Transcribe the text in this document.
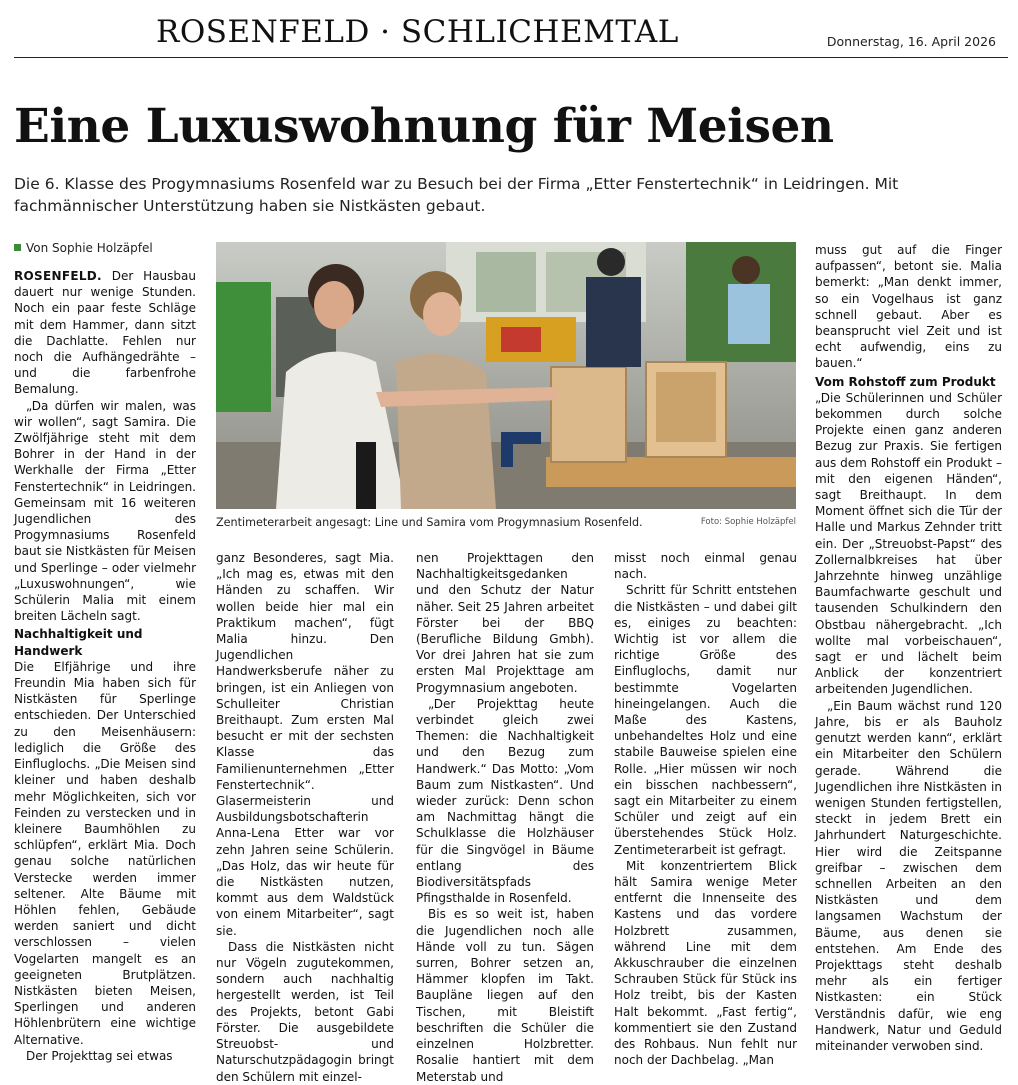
ROSENFELD · SCHLICHEMTAL	Donnerstag, 16. April 2026
Eine Luxuswohnung für Meisen

Die 6. Klasse des Progymnasiums Rosenfeld war zu Besuch bei der Firma „Etter Fenstertechnik“ in Leidringen. Mit fachmännischer Unterstützung haben sie Nistkästen gebaut.

Von Sophie Holzäpfel
Zentimeterarbeit angesagt: Line und Samira vom Progymnasium Rosenfeld.	Foto: Sophie Holzäpfel

ROSENFELD. Der Hausbau dauert nur wenige Stunden. Noch ein paar feste Schläge mit dem Hammer, dann sitzt die Dachlatte. Fehlen nur noch die Aufhängedrähte – und die farbenfrohe Bemalung.

„Da dürfen wir malen, was wir wollen“, sagt Samira. Die Zwölfjährige steht mit dem Bohrer in der Hand in der Werkhalle der Firma „Etter Fenstertechnik“ in Leidringen. Gemeinsam mit 16 weiteren Jugendlichen des Progymnasiums Rosenfeld baut sie Nistkästen für Meisen und Sperlinge – oder vielmehr „Luxuswohnungen“, wie Schülerin Malia mit einem breiten Lächeln sagt.

Nachhaltigkeit und Handwerk

Die Elfjährige und ihre Freundin Mia haben sich für Nistkästen für Sperlinge entschieden. Der Unterschied zu den Meisenhäusern: lediglich die Größe des Einfluglochs. „Die Meisen sind kleiner und haben deshalb mehr Möglichkeiten, sich vor Feinden zu verstecken und in kleinere Baumhöhlen zu schlüpfen“, erklärt Mia. Doch genau solche natürlichen Verstecke werden immer seltener. Alte Bäume mit Höhlen fehlen, Gebäude werden saniert und dicht verschlossen – vielen Vogelarten mangelt es an geeigneten Brutplätzen. Nistkästen bieten Meisen, Sperlingen und anderen Höhlenbrütern eine wichtige Alternative.

Der Projekttag sei etwas

ganz Besonderes, sagt Mia. „Ich mag es, etwas mit den Händen zu schaffen. Wir wollen beide hier mal ein Praktikum machen“, fügt Malia hinzu. Den Jugendlichen Handwerksberufe näher zu bringen, ist ein Anliegen von Schulleiter Christian Breithaupt. Zum ersten Mal besucht er mit der sechsten Klasse das Familienunternehmen „Etter Fenstertechnik“. Glasermeisterin und Ausbildungsbotschafterin Anna-Lena Etter war vor zehn Jahren seine Schülerin. „Das Holz, das wir heute für die Nistkästen nutzen, kommt aus dem Waldstück von einem Mitarbeiter“, sagt sie.

Dass die Nistkästen nicht nur Vögeln zugutekommen, sondern auch nachhaltig hergestellt werden, ist Teil des Projekts, betont Gabi Förster. Die ausgebildete Streuobst- und Naturschutzpädagogin bringt den Schülern mit einzel-

nen Projekttagen den Nachhaltigkeitsgedanken und den Schutz der Natur näher. Seit 25 Jahren arbeitet Förster bei der BBQ (Berufliche Bildung Gmbh). Vor drei Jahren hat sie zum ersten Mal Projekttage am Progymnasium angeboten.

„Der Projekttag heute verbindet gleich zwei Themen: die Nachhaltigkeit und den Bezug zum Handwerk.“ Das Motto: „Vom Baum zum Nistkasten“. Und wieder zurück: Denn schon am Nachmittag hängt die Schulklasse die Holzhäuser für die Singvögel in Bäume entlang des Biodiversitätspfads Pfingsthalde in Rosenfeld.

Bis es so weit ist, haben die Jugendlichen noch alle Hände voll zu tun. Sägen surren, Bohrer setzen an, Hämmer klopfen im Takt. Baupläne liegen auf den Tischen, mit Bleistift beschriften die Schüler die einzelnen Holzbretter. Rosalie hantiert mit dem Meterstab und

misst noch einmal genau nach.

Schritt für Schritt entstehen die Nistkästen – und dabei gilt es, einiges zu beachten: Wichtig ist vor allem die richtige Größe des Einfluglochs, damit nur bestimmte Vogelarten hineingelangen. Auch die Maße des Kastens, unbehandeltes Holz und eine stabile Bauweise spielen eine Rolle. „Hier müssen wir noch ein bisschen nachbessern“, sagt ein Mitarbeiter zu einem Schüler und zeigt auf ein überstehendes Stück Holz. Zentimeterarbeit ist gefragt.

Mit konzentriertem Blick hält Samira wenige Meter entfernt die Innenseite des Kastens und das vordere Holzbrett zusammen, während Line mit dem Akkuschrauber die einzelnen Schrauben Stück für Stück ins Holz treibt, bis der Kasten Halt bekommt. „Fast fertig“, kommentiert sie den Zustand des Rohbaus. Nun fehlt nur noch der Dachbelag. „Man

muss gut auf die Finger aufpassen“, betont sie. Malia bemerkt: „Man denkt immer, so ein Vogelhaus ist ganz schnell gebaut. Aber es beansprucht viel Zeit und ist echt aufwendig, eins zu bauen.“

Vom Rohstoff zum Produkt

„Die Schülerinnen und Schüler bekommen durch solche Projekte einen ganz anderen Bezug zur Praxis. Sie fertigen aus dem Rohstoff ein Produkt – mit den eigenen Händen“, sagt Breithaupt. In dem Moment öffnet sich die Tür der Halle und Markus Zehnder tritt ein. Der „Streuobst-Papst“ des Zollernalbkreises hat über Jahrzehnte hinweg unzählige Baumfachwarte geschult und tausenden Schulkindern den Obstbau nähergebracht. „Ich wollte mal vorbeischauen“, sagt er und lächelt beim Anblick der konzentriert arbeitenden Jugendlichen.

„Ein Baum wächst rund 120 Jahre, bis er als Bauholz genutzt werden kann“, erklärt ein Mitarbeiter den Schülern gerade. Während die Jugendlichen ihre Nistkästen in wenigen Stunden fertigstellen, steckt in jedem Brett ein Jahrhundert Naturgeschichte. Hier wird die Zeitspanne greifbar – zwischen dem schnellen Arbeiten an den Nistkästen und dem langsamen Wachstum der Bäume, aus denen sie entstehen. Am Ende des Projekttags steht deshalb mehr als ein fertiger Nistkasten: ein Stück Verständnis dafür, wie eng Handwerk, Natur und Geduld miteinander verwoben sind.
